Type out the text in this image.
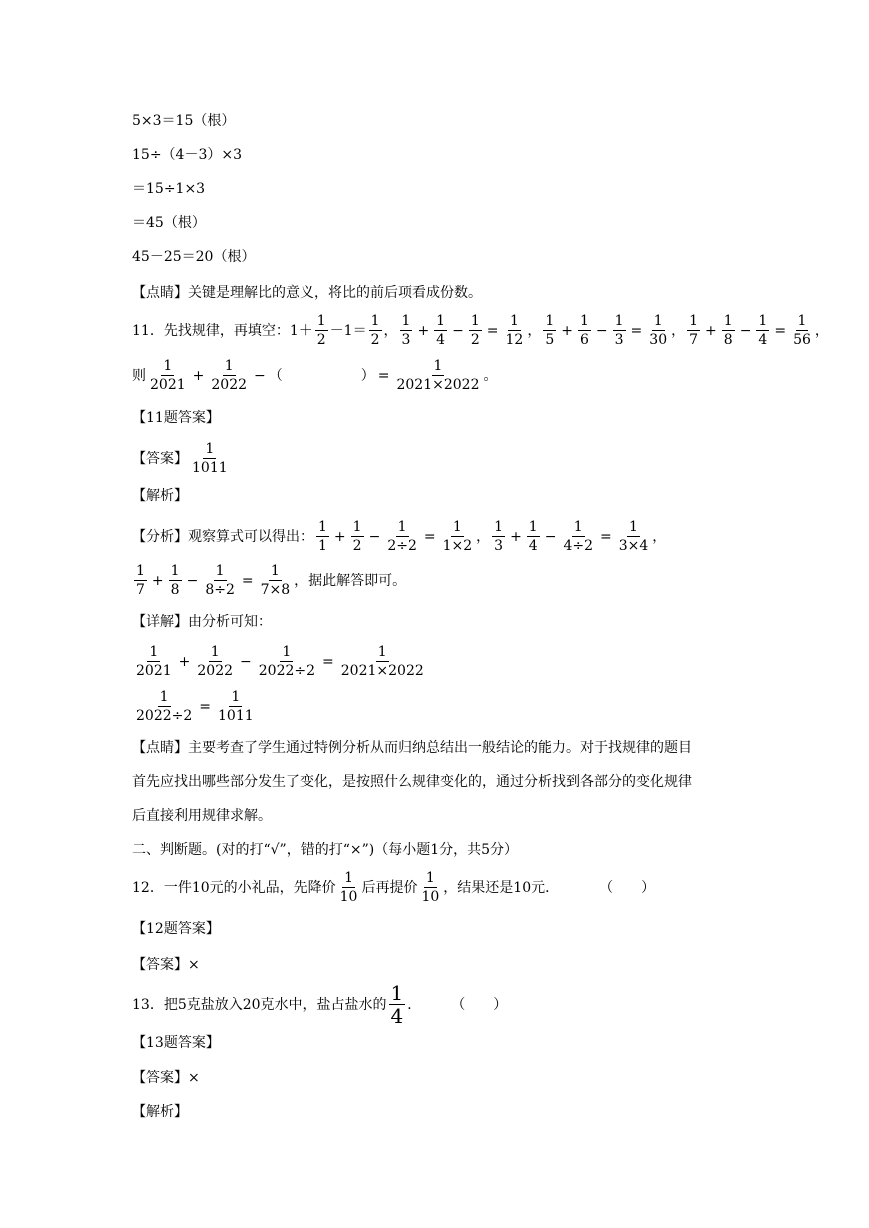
5×3＝15（根）
15÷（4－3）×3
＝15÷1×3
＝45（根）
45－25＝20（根）
【点睛】关键是理解比的意义，将比的前后项看成份数。
11．先找规律，再填空： 1＋
1
2
－1＝
1
2
，
1
3
+ $\frac{1}{4} - \frac{1}{2} = \frac{1}{12}$ ，
1
5
+ $\frac{1}{6} - \frac{1}{3} = \frac{1}{30}$ ，
1
7
+ $\frac{1}{8} - \frac{1}{4} = \frac{1}{56}$ ，
则
1
2021
+ $\frac{1}{2022}$ − （	） = $\frac{1}{2021\times 2022}$ 。
【11题答案】
【答案】
1
1011
【解析】
【分析】观察算式可以得出：
1
1
+ $\frac{1}{2} - \frac{1}{2\div 2} = \frac{1}{1\times 2}$ ，
1
3
+ $\frac{1}{4} - \frac{1}{4\div 2} = \frac{1}{3\times 4}$ ，
1
7
+ $\frac{1}{8} - \frac{1}{8\div 2} = \frac{1}{7\times 8}$ ，据此解答即可。
【详解】由分析可知：
1
2021
+ $\frac{1}{2022} - \frac{1}{2022\div 2} = \frac{1}{2021\times 2022}$
$\frac{1}{2022\div 2} = \frac{1}{1011}$
【点睛】主要考查了学生通过特例分析从而归纳总结出一般结论的能力。对于找规律的题目
首先应找出哪些部分发生了变化，是按照什么规律变化的，通过分析找到各部分的变化规律
后直接利用规律求解。
二、判断题。(对的打“√”，错的打“×”)（每小题1分，共5分）
12．一件10元的小礼品，先降价
1
10
后再提价
1
10
，结果还是10元．	（　　）
【12题答案】
【答案】×
13．把5克盐放入20克水中，盐占盐水的 1
4 ． （　　）
【13题答案】
【答案】×
【解析】
